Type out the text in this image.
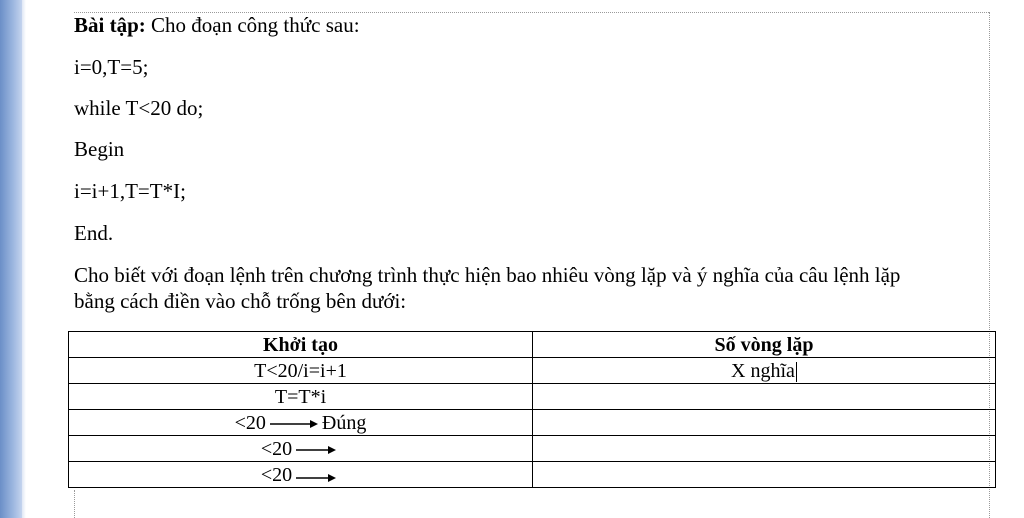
Bài tập: Cho đoạn công thức sau:
i=0,T=5;
while T<20 do;
Begin
i=i+1,T=T*I;
End.
Cho biết với đoạn lệnh trên chương trình thực hiện bao nhiêu vòng lặp và ý nghĩa của câu lệnh lặp
bằng cách điền vào chỗ trống bên dưới:
Khởi tạo	Số vòng lặp
T<20/i=i+1	X nghĩa
T=T*i	
<20 Đúng	
<20	
<20	
